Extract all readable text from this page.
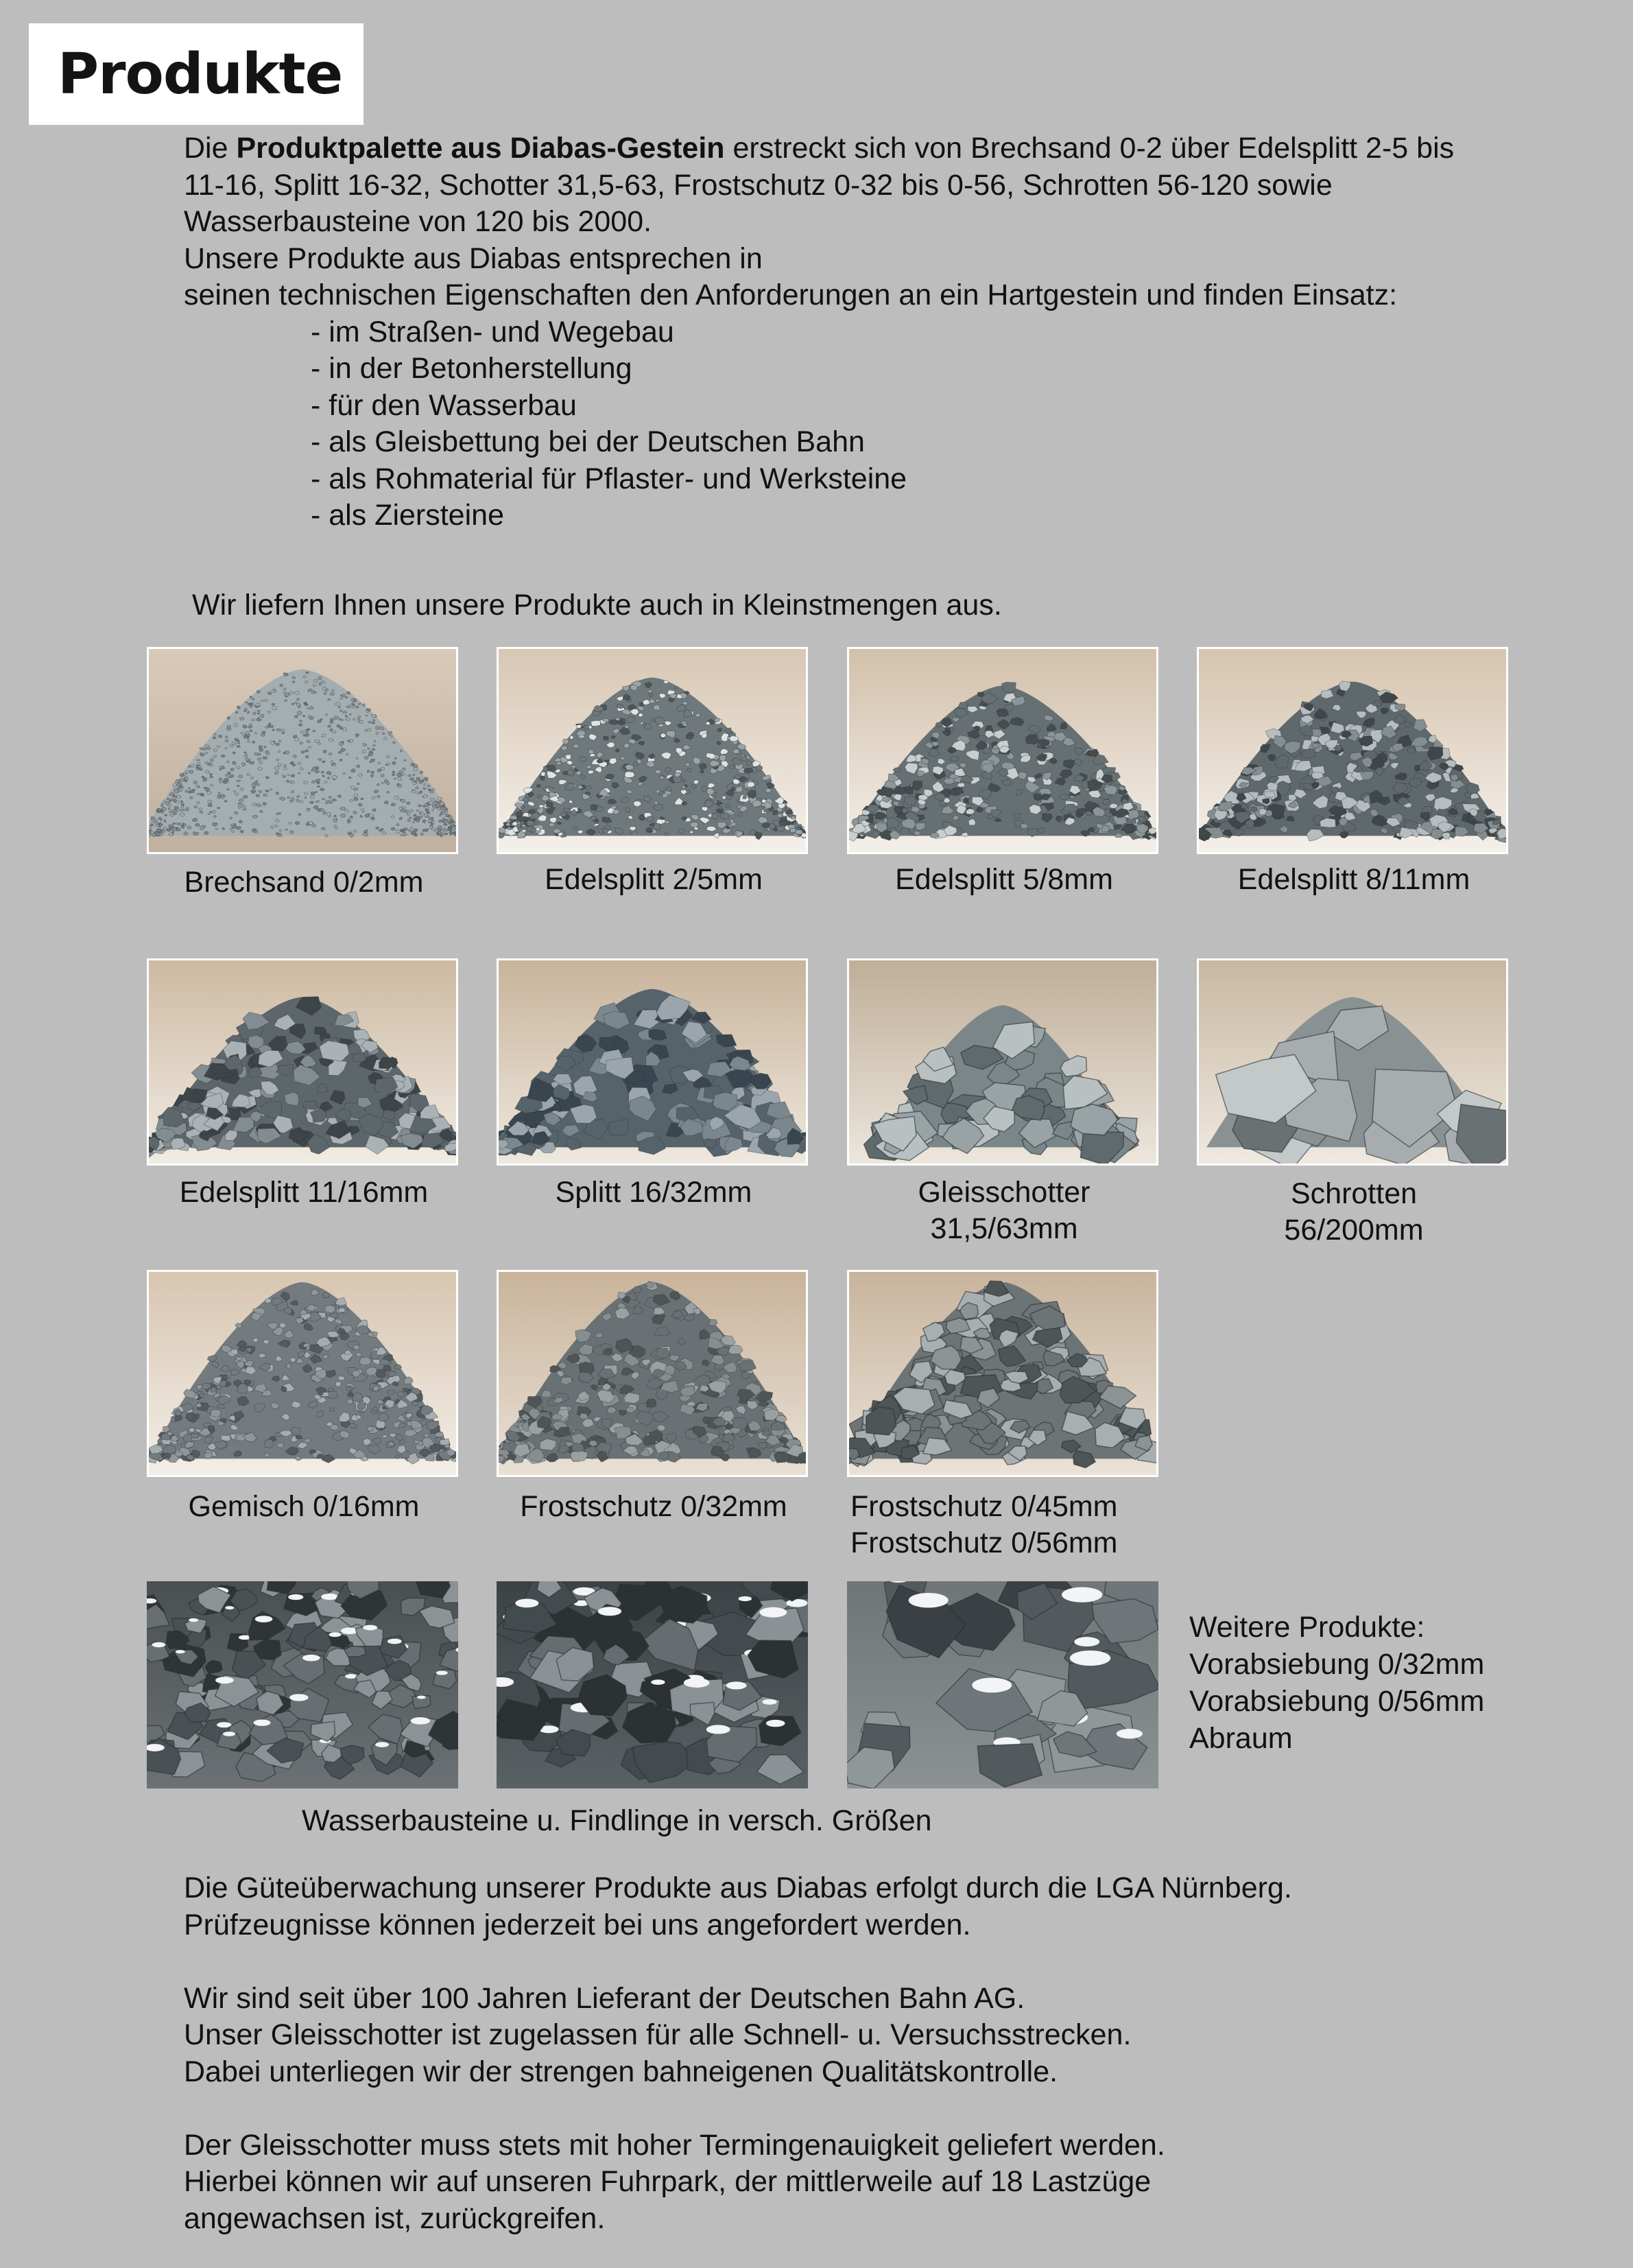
Produkte

Die Produktpalette aus Diabas-Gestein erstreckt sich von Brechsand 0-2 über Edelsplitt 2-5 bis 11-16, Splitt 16-32, Schotter 31,5-63, Frostschutz 0-32 bis 0-56, Schrotten 56-120 sowie Wasserbausteine von 120 bis 2000.

Unsere Produkte aus Diabas entsprechen in

seinen technischen Eigenschaften den Anforderungen an ein Hartgestein und finden Einsatz:

- im Straßen- und Wegebau
- in der Betonherstellung
- für den Wasserbau
- als Gleisbettung bei der Deutschen Bahn
- als Rohmaterial für Pflaster- und Werksteine
- als Ziersteine
Wir liefern Ihnen unsere Produkte auch in Kleinstmengen aus.
Brechsand 0/2mm	Edelsplitt 2/5mm	Edelsplitt 5/8mm	Edelsplitt 8/11mm
Edelsplitt 11/16mm	Splitt 16/32mm	Gleisschotter
31,5/63mm
Schrotten
56/200mm
Gemisch 0/16mm	Frostschutz 0/32mm	Frostschutz 0/45mm
Frostschutz 0/56mm
Weitere Produkte:
Vorabsiebung 0/32mm
Vorabsiebung 0/56mm
Abraum
Wasserbausteine u. Findlinge in versch. Größen

Die Güteüberwachung unserer Produkte aus Diabas erfolgt durch die LGA Nürnberg.
Prüfzeugnisse können jederzeit bei uns angefordert werden.

Wir sind seit über 100 Jahren Lieferant der Deutschen Bahn AG.
Unser Gleisschotter ist zugelassen für alle Schnell- u. Versuchsstrecken.
Dabei unterliegen wir der strengen bahneigenen Qualitätskontrolle.

Der Gleisschotter muss stets mit hoher Termingenauigkeit geliefert werden.
Hierbei können wir auf unseren Fuhrpark, der mittlerweile auf 18 Lastzüge
angewachsen ist, zurückgreifen.
